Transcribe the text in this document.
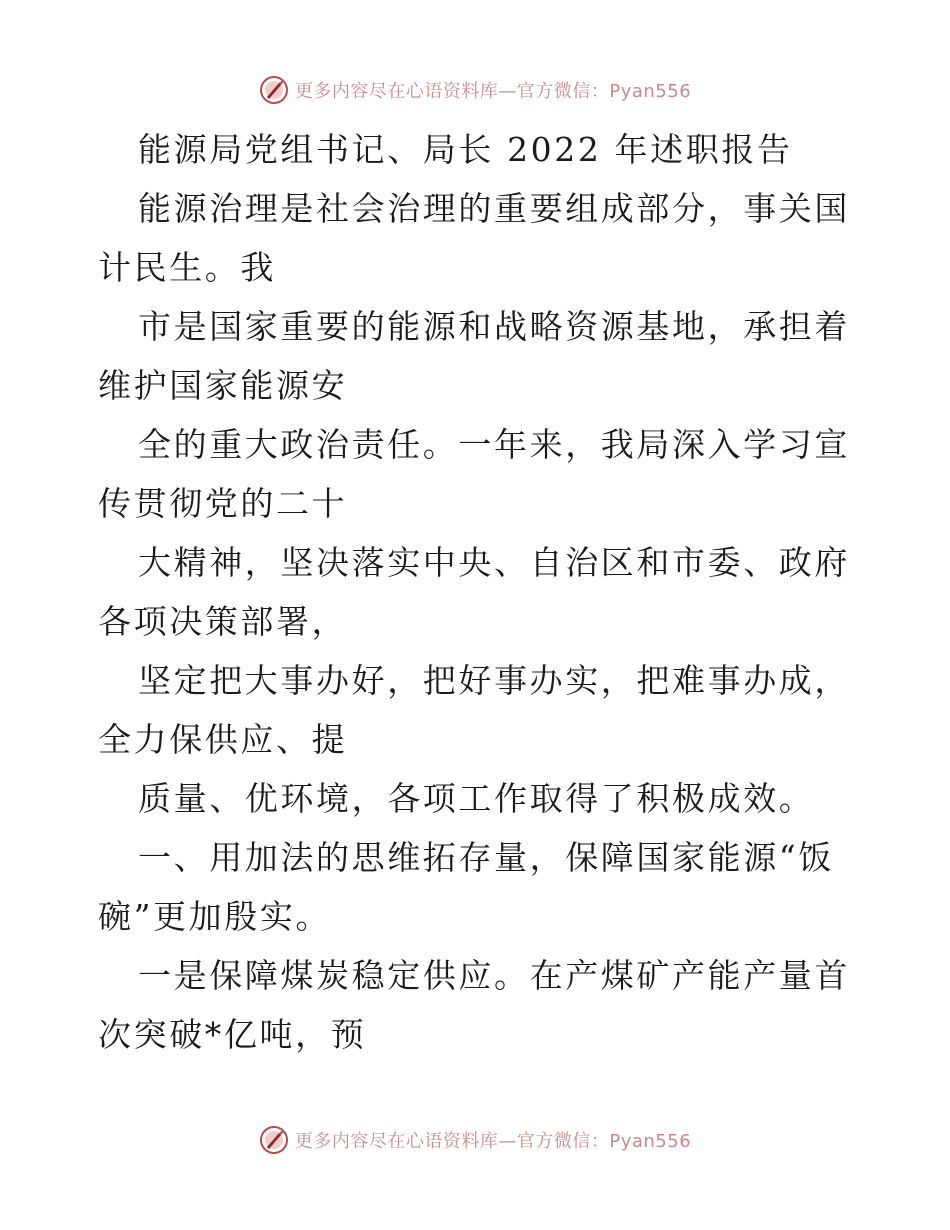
更多内容尽在心语资料库—官方微信：Pyan556

能源局党组书记、局长 2022 年述职报告

能源治理是社会治理的重要组成部分，事关国计民生。我

市是国家重要的能源和战略资源基地，承担着维护国家能源安

全的重大政治责任。一年来，我局深入学习宣传贯彻党的二十

大精神，坚决落实中央、自治区和市委、政府各项决策部署，

坚定把大事办好，把好事办实，把难事办成，全力保供应、提

质量、优环境，各项工作取得了积极成效。

一、用加法的思维拓存量，保障国家能源“饭碗”更加殷实。

一是保障煤炭稳定供应。在产煤矿产能产量首次突破*亿吨，预

更多内容尽在心语资料库—官方微信：Pyan556
